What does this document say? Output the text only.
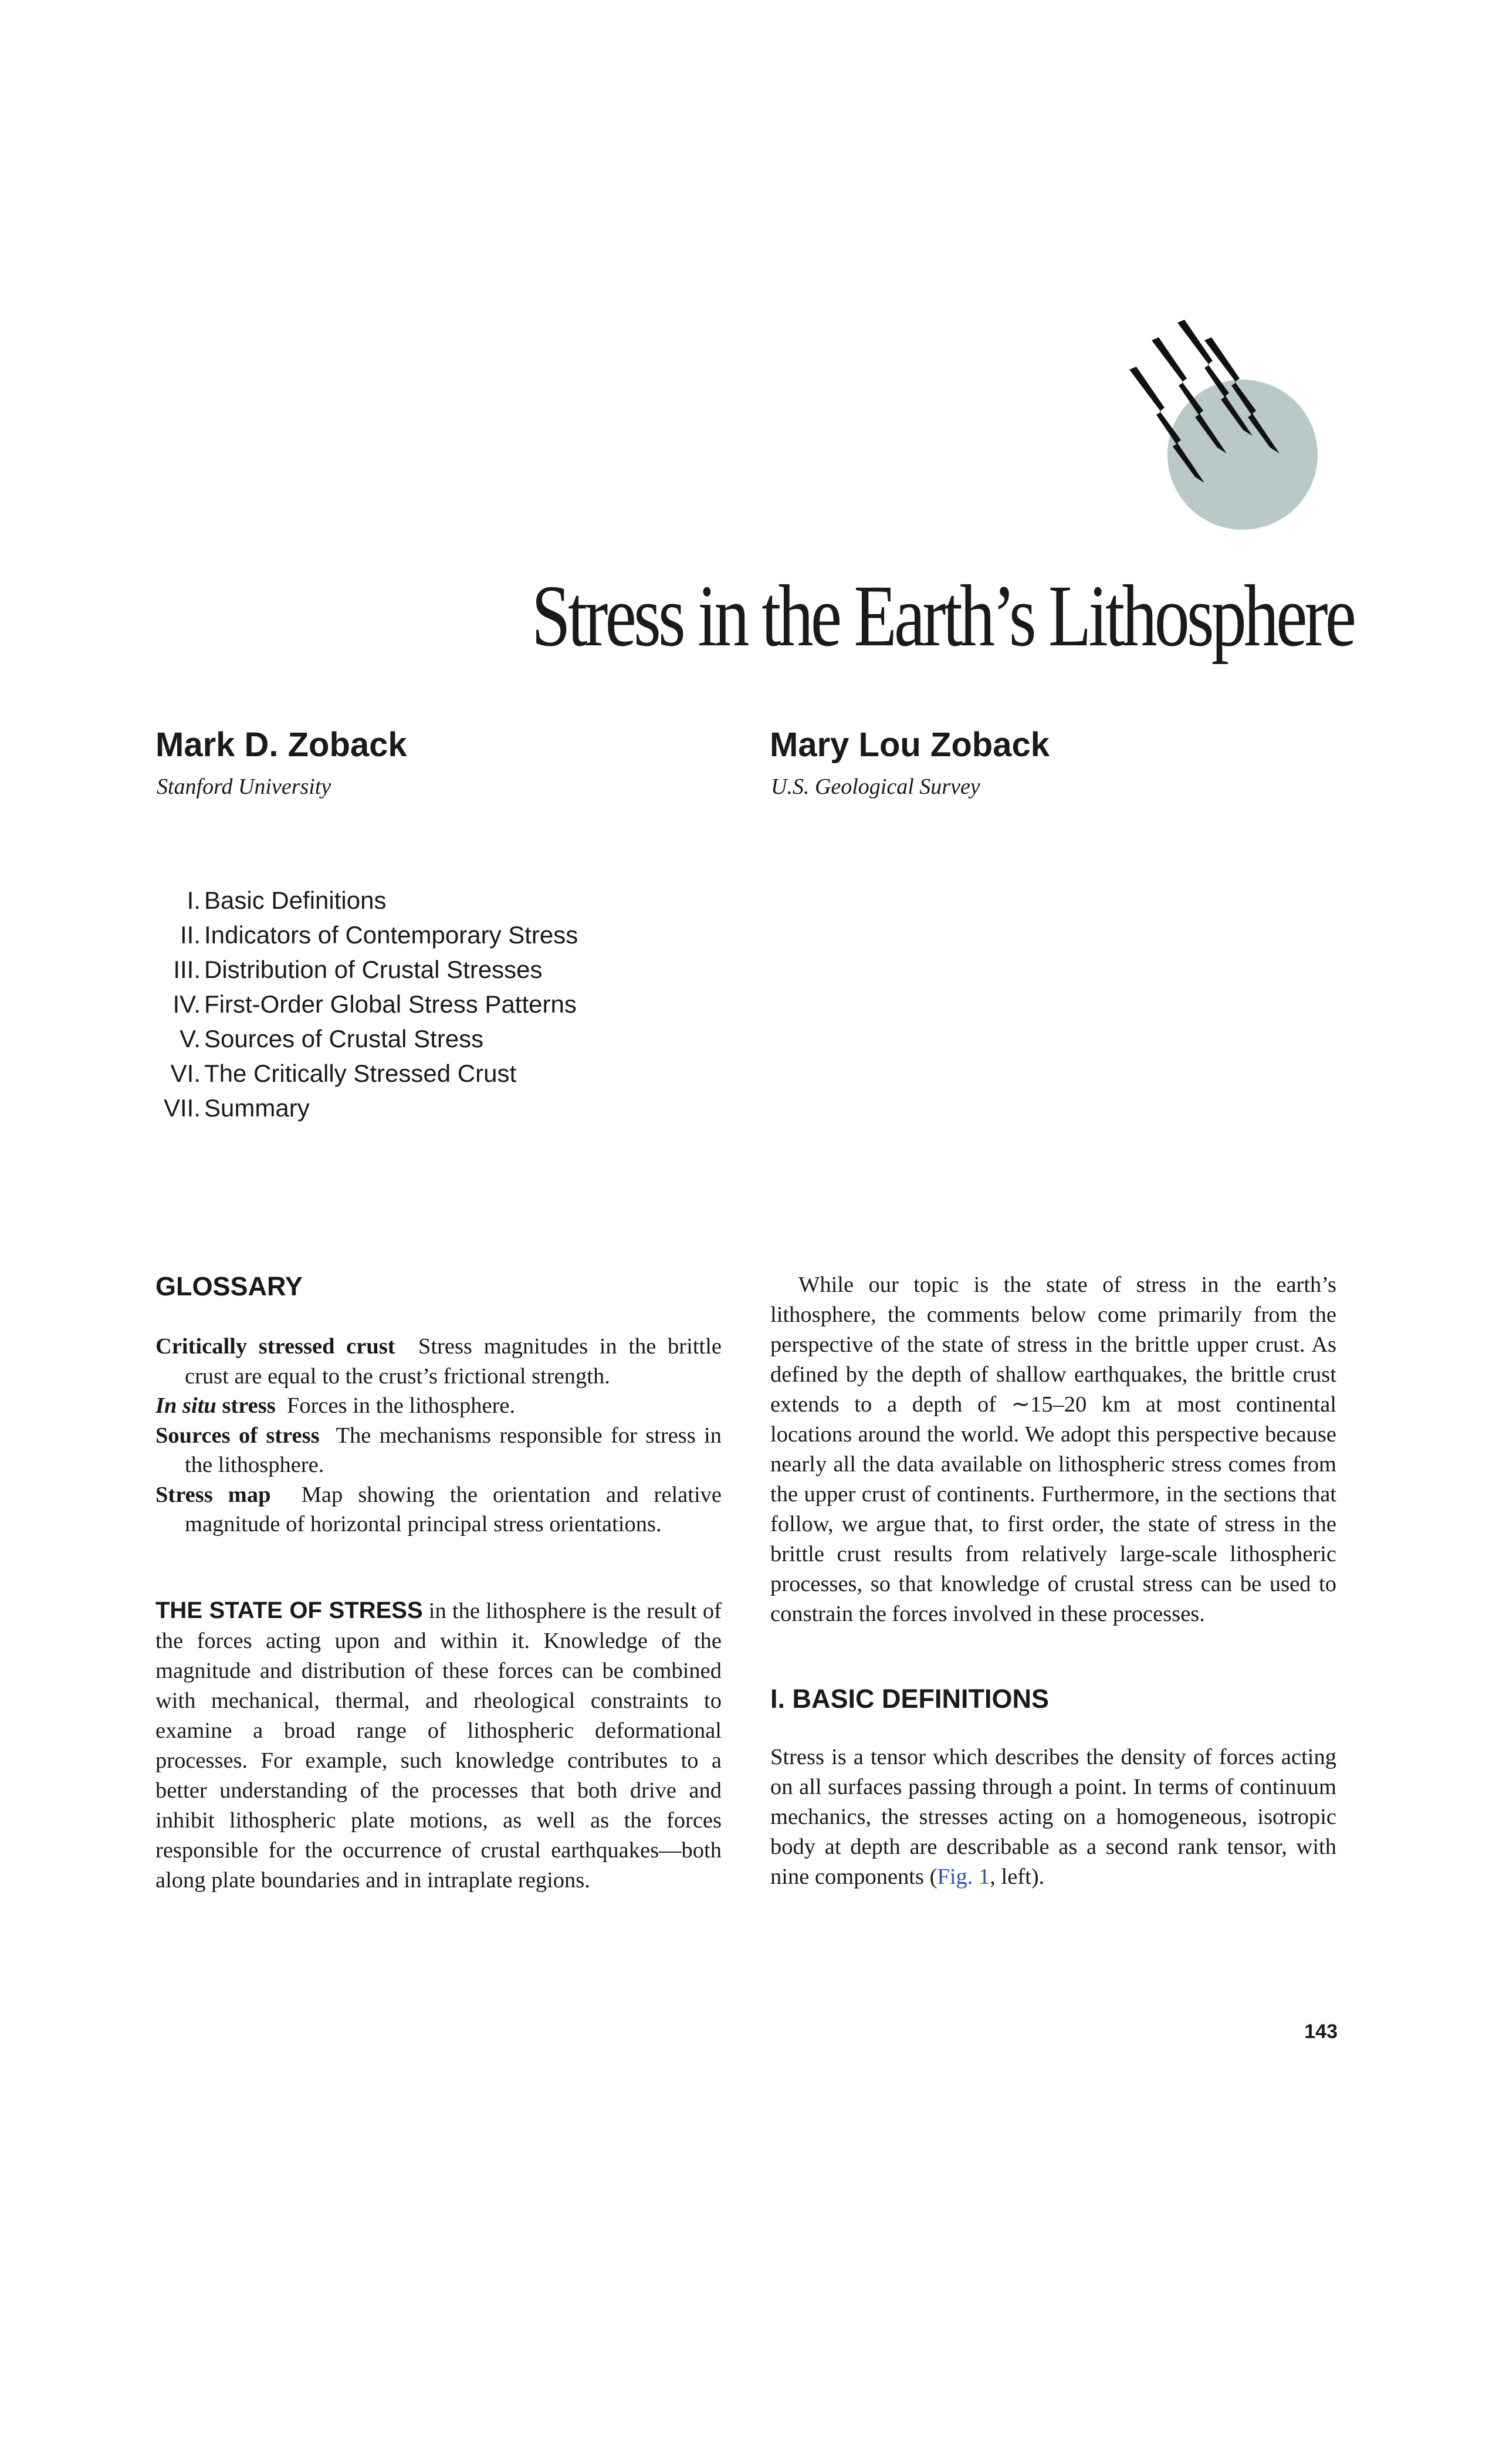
Stress in the Earth’s Lithosphere
Mark D. Zoback
Stanford University
Mary Lou Zoback
U.S. Geological Survey
I. Basic Definitions
II. Indicators of Contemporary Stress
III. Distribution of Crustal Stresses
IV. First-Order Global Stress Patterns
V. Sources of Crustal Stress
VI. The Critically Stressed Crust
VII. Summary
GLOSSARY
Critically stressed crust Stress magnitudes in the brittle crust are equal to the crust’s frictional strength.
In situ stress Forces in the lithosphere.
Sources of stress The mechanisms responsible for stress in the lithosphere.
Stress map Map showing the orientation and relative magnitude of horizontal principal stress orientations.

THE STATE OF STRESS in the lithosphere is the result of the forces acting upon and within it. Knowledge of the magnitude and distribution of these forces can be combined with mechanical, thermal, and rheological constraints to examine a broad range of lithospheric deformational processes. For example, such knowledge contributes to a better understanding of the processes that both drive and inhibit lithospheric plate motions, as well as the forces responsible for the occurrence of crustal earthquakes—both along plate boundaries and in intraplate regions.

While our topic is the state of stress in the earth’s lithosphere, the comments below come primarily from the perspective of the state of stress in the brittle upper crust. As defined by the depth of shallow earthquakes, the brittle crust extends to a depth of ∼15–20 km at most continental locations around the world. We adopt this perspective because nearly all the data available on lithospheric stress comes from the upper crust of continents. Furthermore, in the sections that follow, we argue that, to first order, the state of stress in the brittle crust results from relatively large-scale lithospheric processes, so that knowledge of crustal stress can be used to constrain the forces involved in these processes.

I. BASIC DEFINITIONS

Stress is a tensor which describes the density of forces acting on all surfaces passing through a point. In terms of continuum mechanics, the stresses acting on a homogeneous, isotropic body at depth are describable as a second rank tensor, with nine components (Fig. 1, left).

143
